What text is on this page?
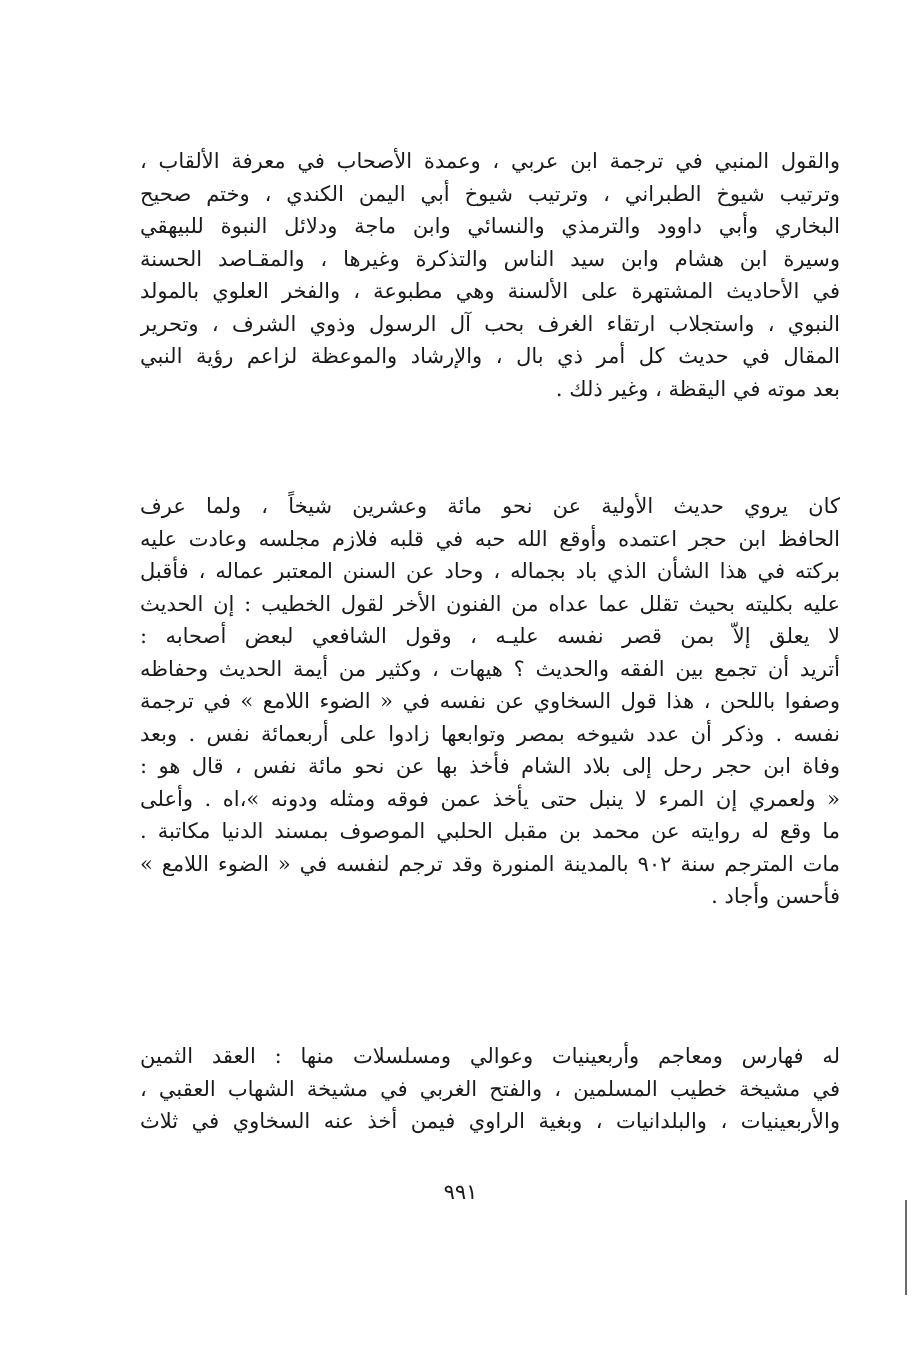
والقول المنبي في ترجمة ابن عربي ، وعمدة الأصحاب في معرفة الألقاب ،
وترتيب شيوخ الطبراني ، وترتيب شيوخ أبي اليمن الكندي ، وختم صحيح
البخاري وأبي داوود والترمذي والنسائي وابن ماجة ودلائل النبوة للبيهقي
وسيرة ابن هشام وابن سيد الناس والتذكرة وغيرها ، والمقـاصد الحسنة
في الأحاديث المشتهرة على الألسنة وهي مطبوعة ، والفخر العلوي بالمولد
النبوي ، واستجلاب ارتقاء الغرف بحب آل الرسول وذوي الشرف ، وتحرير
المقال في حديث كل أمر ذي بال ، والإرشاد والموعظة لزاعم رؤية النبي
بعد موته في اليقظة ، وغير ذلك .
كان يروي حديث الأولية عن نحو مائة وعشرين شيخاً ، ولما عرف
الحافظ ابن حجر اعتمده وأوقع الله حبه في قلبه فلازم مجلسه وعادت عليه
بركته في هذا الشأن الذي باد بجماله ، وحاد عن السنن المعتبر عماله ، فأقبل
عليه بكليته بحيث تقلل عما عداه من الفنون الأخر لقول الخطيب : إن الحديث
لا يعلق إلاّ بمن قصر نفسه عليـه ، وقول الشافعي لبعض أصحابه :
أتريد أن تجمع بين الفقه والحديث ؟ هيهات ، وكثير من أيمة الحديث وحفاظه
وصفوا باللحن ، هذا قول السخاوي عن نفسه في « الضوء اللامع » في ترجمة
نفسه . وذكر أن عدد شيوخه بمصر وتوابعها زادوا على أربعمائة نفس . وبعد
وفاة ابن حجر رحل إلى بلاد الشام فأخذ بها عن نحو مائة نفس ، قال هو :
« ولعمري إن المرء لا ينبل حتى يأخذ عمن فوقه ومثله ودونه »،اه . وأعلى
ما وقع له روايته عن محمد بن مقبل الحلبي الموصوف بمسند الدنيا مكاتبة .
مات المترجم سنة ٩٠٢ بالمدينة المنورة وقد ترجم لنفسه في « الضوء اللامع »
فأحسن وأجاد .
له فهارس ومعاجم وأربعينيات وعوالي ومسلسلات منها : العقد الثمين
في مشيخة خطيب المسلمين ، والفتح الغربي في مشيخة الشهاب العقبي ،
والأربعينيات ، والبلدانيات ، وبغية الراوي فيمن أخذ عنه السخاوي في ثلاث
٩٩١
